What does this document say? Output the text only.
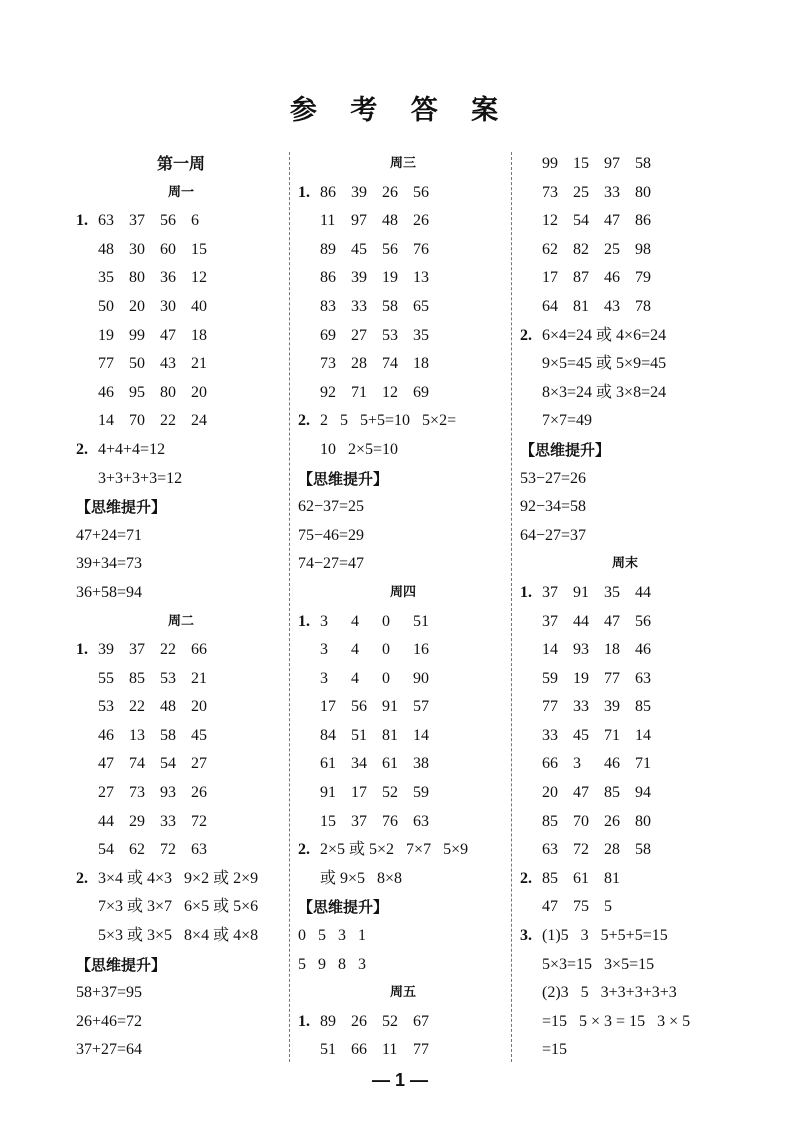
参 考 答 案
第一周
周一
1. 63 37 56 6
48 30 60 15
35 80 36 12
50 20 30 40
19 99 47 18
77 50 43 21
46 95 80 20
14 70 22 24
2. 4+4+4=12
3+3+3+3=12
【思维提升】
47+24=71
39+34=73
36+58=94
周二
1. 39 37 22 66
55 85 53 21
53 22 48 20
46 13 58 45
47 74 54 27
27 73 93 26
44 29 33 72
54 62 72 63
2. 3×4 或 4×3   9×2 或 2×9
7×3 或 3×7   6×5 或 5×6
5×3 或 3×5   8×4 或 4×8
【思维提升】
58+37=95
26+46=72
37+27=64
周三
1. 86 39 26 56
11 97 48 26
89 45 56 76
86 39 19 13
83 33 58 65
69 27 53 35
73 28 74 18
92 71 12 69
2. 2   5   5+5=10   5×2=
10   2×5=10
【思维提升】
62−37=25
75−46=29
74−27=47
周四
1. 3 4 0 51
3 4 0 16
3 4 0 90
17 56 91 57
84 51 81 14
61 34 61 38
91 17 52 59
15 37 76 63
2. 2×5 或 5×2   7×7   5×9
或 9×5   8×8
【思维提升】
0   5   3   1
5   9   8   3
周五
1. 89 26 52 67
51 66 11 77
99 15 97 58
73 25 33 80
12 54 47 86
62 82 25 98
17 87 46 79
64 81 43 78
2. 6×4=24 或 4×6=24
9×5=45 或 5×9=45
8×3=24 或 3×8=24
7×7=49
【思维提升】
53−27=26
92−34=58
64−27=37
周末
1. 37 91 35 44
37 44 47 56
14 93 18 46
59 19 77 63
77 33 39 85
33 45 71 14
66 3 46 71
20 47 85 94
85 70 26 80
63 72 28 58
2. 85 61 81
47 75 5
3. (1)5   3   5+5+5=15
5×3=15   3×5=15
(2)3   5   3+3+3+3+3
=15   5 × 3 = 15   3 × 5
=15
— 1 —
